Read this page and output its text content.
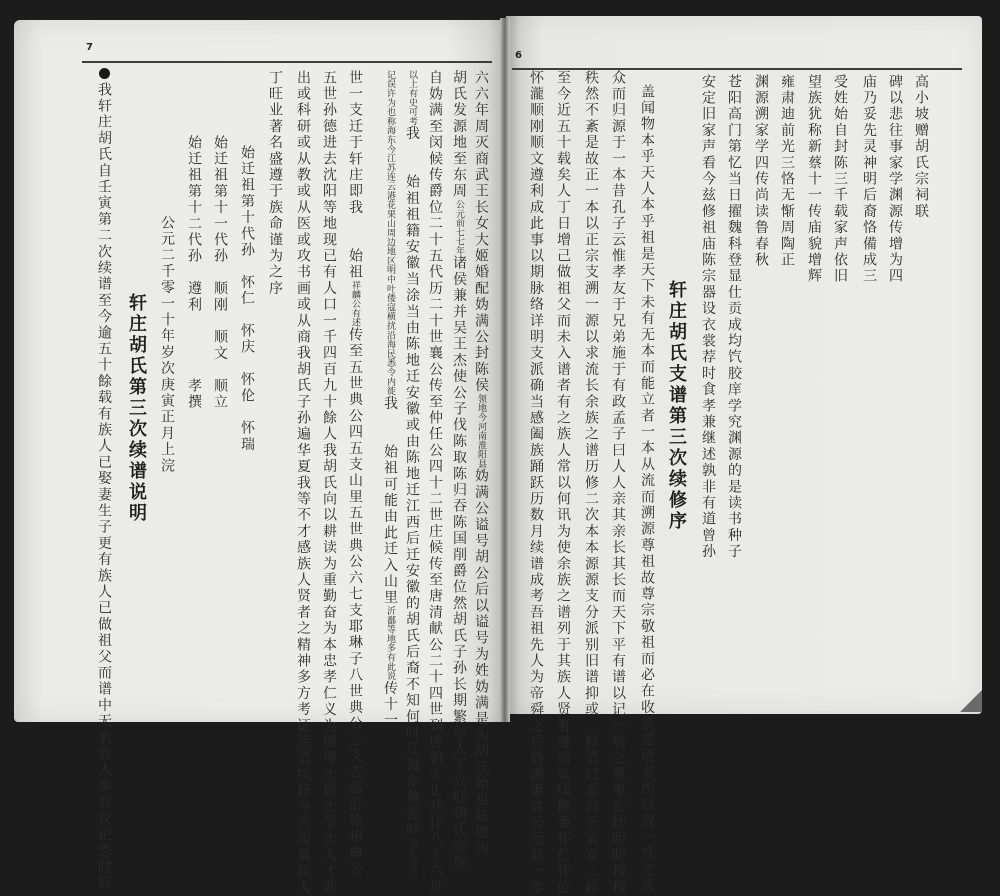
7
六六年周灭商武王长女大姬婚配妫满公封陈侯领地今河南淮阳县妫满公谥号胡公后以谥号为姓妫满是为胡氏始祖陈地为
胡氏发源地至东周公元前七七年诸侯兼并吴王杰使公子伐陈取陈归吞陈国削爵位然胡氏子孙长期繁衍人丁兴旺胡氏宗族
自妫满至闵候传爵位二十五代历二十世襄公传至仲任公四十二世庄候传至唐清献公二十四世到唐朝末止共计八十六世
以上有史可考我　　始祖祖籍安徽当涂当由陈地迁安徽或由陈地迁江西后迁安徽的胡氏后裔不知何时迁海东黄泥岭海东许为
记误许为也称海东今江苏连云港花果山周边地区明中叶倭寇横扰沿海民悉令内徙我　　始祖可能由此迁入山里沂鄱等地多有此说传十一
世一支迁于轩庄即我　　始祖祥麟公有述传至五世典公四五支山里五世典公六七支耶琳子八世典公三支去临沂徐州典公
五世孙德进去沈阳等地现已有人口一千四百九十餘人我胡氏向以耕读为重勤奋为本忠孝仁义为德博士硕士学士人才辈
出或科研或从教或从医或攻书画或从商我胡氏子孙遍华夏我等不才感族人贤者之精神多方考证族谱续修今告竣翼族人
丁旺业著名盛遵于族命谨为之序
始迁祖第十代孙　怀仁　怀庆　怀伦　怀瑞
始迁祖第十一代孙　顺刚　顺文　顺立
始迁祖第十二代孙　遵利　　　　孝撰
公元二千零一十年岁次庚寅正月上浣
轩庄胡氏第三次续谱说明
我轩庄胡氏自壬寅第二次续谱至今逾五十餘载有族人已娶妻生子更有族人已做祖父而谱中无名族人多有议论恐时间
6
高小坡赠胡氏宗祠联
碑以悲往事家学渊源传增为四
庙乃妥先灵神明后裔恪備成三
受姓始自封陈三千载家声依旧
望族犹称新蔡十一传庙貌增辉
雍肃迪前光三恪无惭周陶正
渊源溯家学四传尚读鲁春秋
苍阳高门第忆当日擢魏科登显仕贡成均饩胶庠学究渊源的是读书种子
安定旧家声看今兹修祖庙陈宗器设衣裳荐时食孝兼继述孰非有道曾孙
轩庄胡氏支谱第三次续修序
盖闻物本乎天人本乎祖是天下未有无本而能立者一本从流而溯源尊祖故尊宗敬祖而必在收族是谱者所以叙一姓之族
众而归源于一本昔孔子云惟孝友于兄弟施于有政孟子曰人人亲其亲长其长而天下平有谱以记一族之尊卑长幼昭昭穆穆
秩然不紊是故正一本以正宗支溯一源以求流长余族之谱历修二次本本源源支分派别旧谱抑或二修谱已悉自壬寅岁二修
至今近五十载矣人丁日增己做祖父而未入谱者有之族人常以何讯为使余族之谱列于其族人贤者遂动议续修委怀仁怀伦
怀瀧顺刚顺文遵利成此事以期脉络详明支派确当感阖族踊跃历数月续谱成考吾祖先人为帝舜之后妫满姬姓公元前一零
